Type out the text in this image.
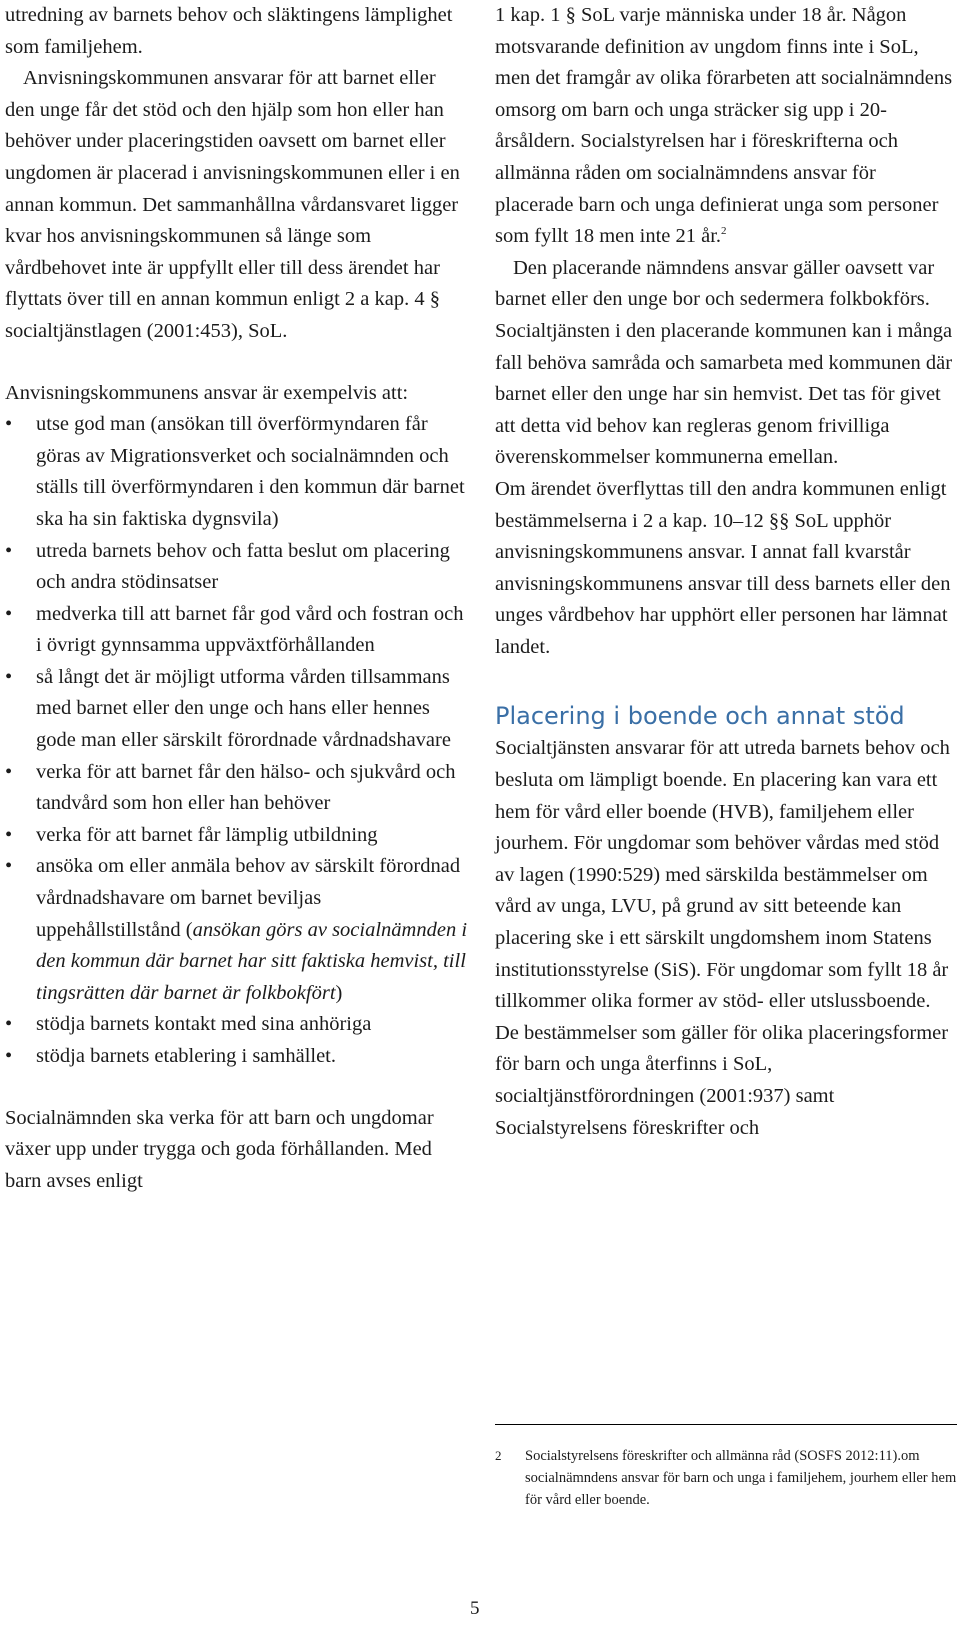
utredning av barnets behov och släktingens lämplighet som familjehem.

Anvisningskommunen ansvarar för att barnet eller den unge får det stöd och den hjälp som hon eller han behöver under placeringstiden oavsett om barnet eller ungdomen är placerad i anvisningskommunen eller i en annan kommun. Det sammanhållna vårdansvaret ligger kvar hos anvisningskommunen så länge som vårdbehovet inte är uppfyllt eller till dess ärendet har flyttats över till en annan kommun enligt 2 a kap. 4 § socialtjänstlagen (2001:453), SoL.

Anvisningskommunens ansvar är exempelvis att:

• utse god man (ansökan till överförmyndaren får göras av Migrationsverket och socialnämnden och ställs till överförmyndaren i den kommun där barnet ska ha sin faktiska dygnsvila)
• utreda barnets behov och fatta beslut om placering och andra stödinsatser
• medverka till att barnet får god vård och fostran och i övrigt gynnsamma uppväxtförhållanden
• så långt det är möjligt utforma vården tillsammans med barnet eller den unge och hans eller hennes gode man eller särskilt förordnade vårdnadshavare
• verka för att barnet får den hälso- och sjukvård och tandvård som hon eller han behöver
• verka för att barnet får lämplig utbildning
• ansöka om eller anmäla behov av särskilt förordnad vårdnadshavare om barnet beviljas uppehållstillstånd (ansökan görs av socialnämnden i den kommun där barnet har sitt faktiska hemvist, till tingsrätten där barnet är folkbokfört)
• stödja barnets kontakt med sina anhöriga
• stödja barnets etablering i samhället.

Socialnämnden ska verka för att barn och ungdomar växer upp under trygga och goda förhållanden. Med barn avses enligt

1 kap. 1 § SoL varje människa under 18 år. Någon motsvarande definition av ungdom finns inte i SoL, men det framgår av olika förarbeten att socialnämndens omsorg om barn och unga sträcker sig upp i 20-årsåldern. Socialstyrelsen har i föreskrifterna och allmänna råden om socialnämndens ansvar för placerade barn och unga definierat unga som personer som fyllt 18 men inte 21 år.$^2$

Den placerande nämndens ansvar gäller oavsett var barnet eller den unge bor och sedermera folkbokförs. Socialtjänsten i den placerande kommunen kan i många fall behöva samråda och samarbeta med kommunen där barnet eller den unge har sin hemvist. Det tas för givet att detta vid behov kan regleras genom frivilliga överenskommelser kommunerna emellan.

Om ärendet överflyttas till den andra kommunen enligt bestämmelserna i 2 a kap. 10–12 §§ SoL upphör anvisningskommunens ansvar. I annat fall kvarstår anvisningskommunens ansvar till dess barnets eller den unges vårdbehov har upphört eller personen har lämnat landet.

Placering i boende och annat stöd

Socialtjänsten ansvarar för att utreda barnets behov och besluta om lämpligt boende. En placering kan vara ett hem för vård eller boende (HVB), familjehem eller jourhem. För ungdomar som behöver vårdas med stöd av lagen (1990:529) med särskilda bestämmelser om vård av unga, LVU, på grund av sitt beteende kan placering ske i ett särskilt ungdomshem inom Statens institutionsstyrelse (SiS). För ungdomar som fyllt 18 år tillkommer olika former av stöd- eller utslussboende. De bestämmelser som gäller för olika placeringsformer för barn och unga återfinns i SoL, socialtjänstförordningen (2001:937) samt Socialstyrelsens föreskrifter och

2	Socialstyrelsens föreskrifter och allmänna råd (SOSFS 2012:11).om socialnämndens ansvar för barn och unga i familjehem, jourhem eller hem för vård eller boende.
5
